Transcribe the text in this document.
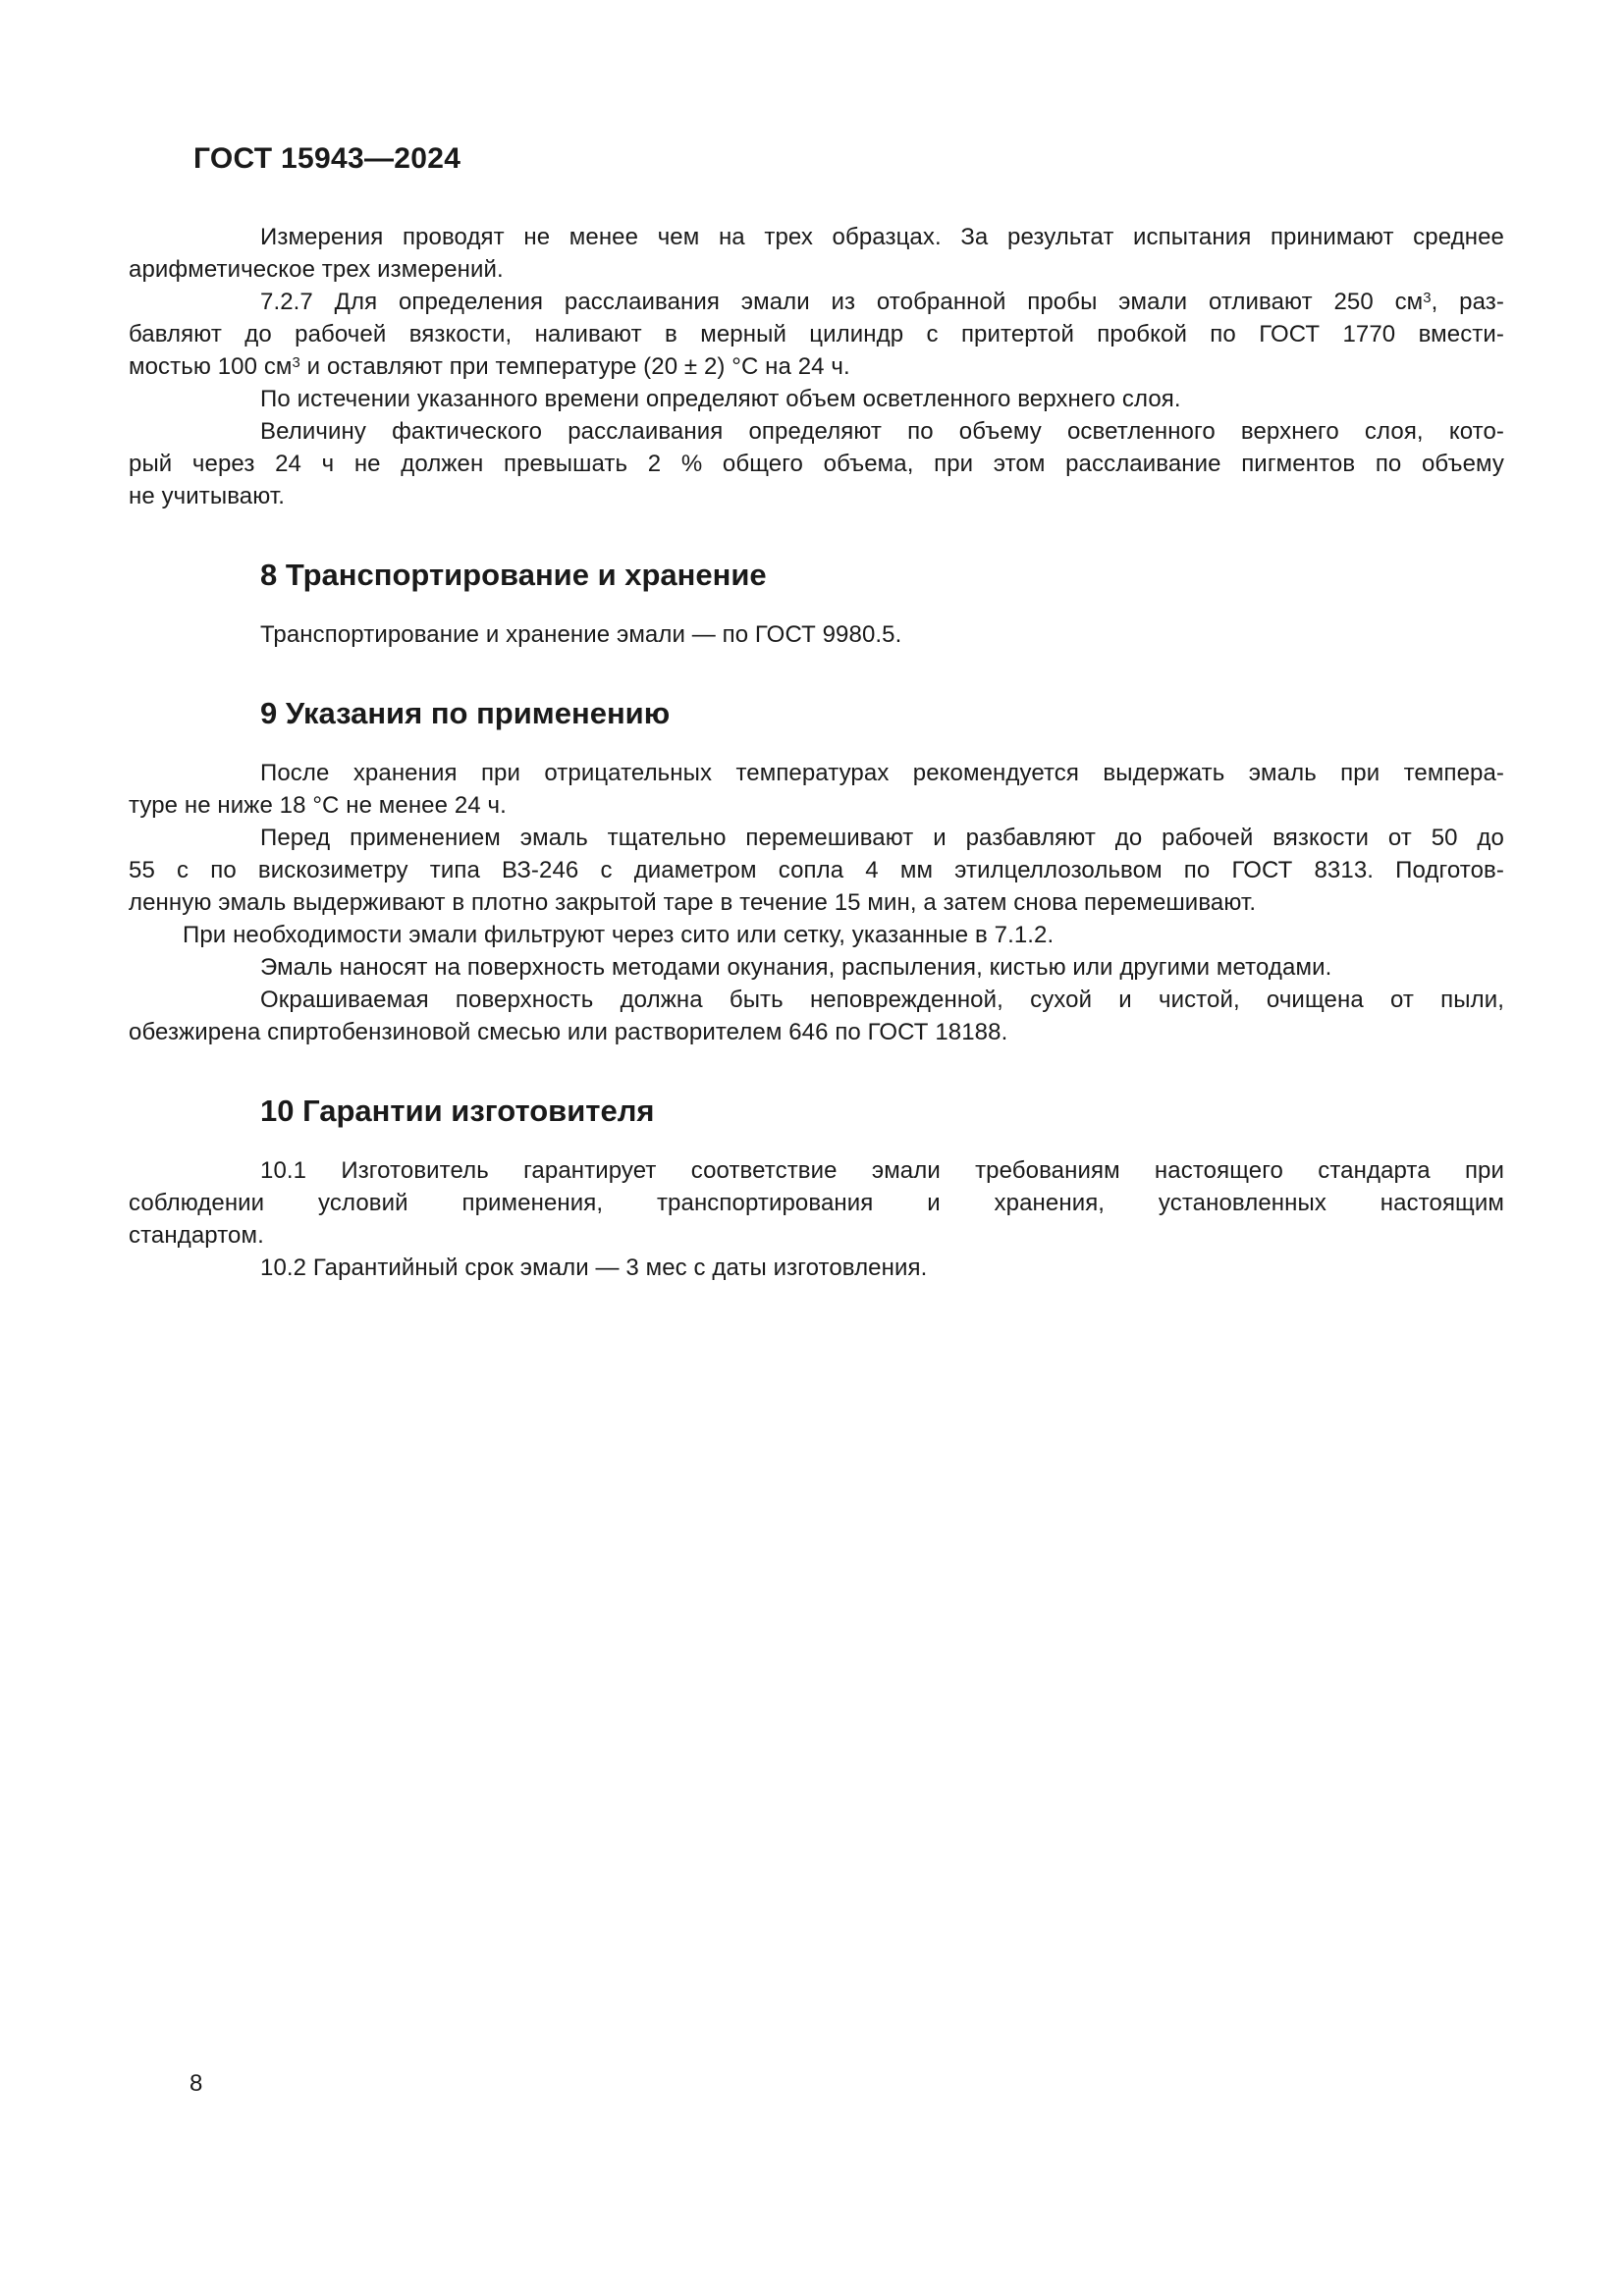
ГОСТ 15943—2024
Измерения проводят не менее чем на трех образцах. За результат испытания принимают среднее
арифметическое трех измерений.
7.2.7 Для определения расслаивания эмали из отобранной пробы эмали отливают 250 $см^3$, раз-
бавляют до рабочей вязкости, наливают в мерный цилиндр с притертой пробкой по ГОСТ 1770 вмести-
мостью 100 $см^3$ и оставляют при температуре (20 ± 2) °С на 24 ч.
По истечении указанного времени определяют объем осветленного верхнего слоя.
Величину фактического расслаивания определяют по объему осветленного верхнего слоя, кото-
рый через 24 ч не должен превышать 2 % общего объема, при этом расслаивание пигментов по объему
не учитывают.
8 Транспортирование и хранение
Транспортирование и хранение эмали — по ГОСТ 9980.5.
9 Указания по применению
После хранения при отрицательных температурах рекомендуется выдержать эмаль при темпера-
туре не ниже 18 °С не менее 24 ч.
Перед применением эмаль тщательно перемешивают и разбавляют до рабочей вязкости от 50 до
55 с по вискозиметру типа ВЗ-246 с диаметром сопла 4 мм этилцеллозольвом по ГОСТ 8313. Подготов-
ленную эмаль выдерживают в плотно закрытой таре в течение 15 мин, а затем снова перемешивают.
При необходимости эмали фильтруют через сито или сетку, указанные в 7.1.2.
Эмаль наносят на поверхность методами окунания, распыления, кистью или другими методами.
Окрашиваемая поверхность должна быть неповрежденной, сухой и чистой, очищена от пыли,
обезжирена спиртобензиновой смесью или растворителем 646 по ГОСТ 18188.
10 Гарантии изготовителя
10.1 Изготовитель гарантирует соответствие эмали требованиям настоящего стандарта при
соблюдении условий применения, транспортирования и хранения, установленных настоящим
стандартом.
10.2 Гарантийный срок эмали — 3 мес с даты изготовления.
8
